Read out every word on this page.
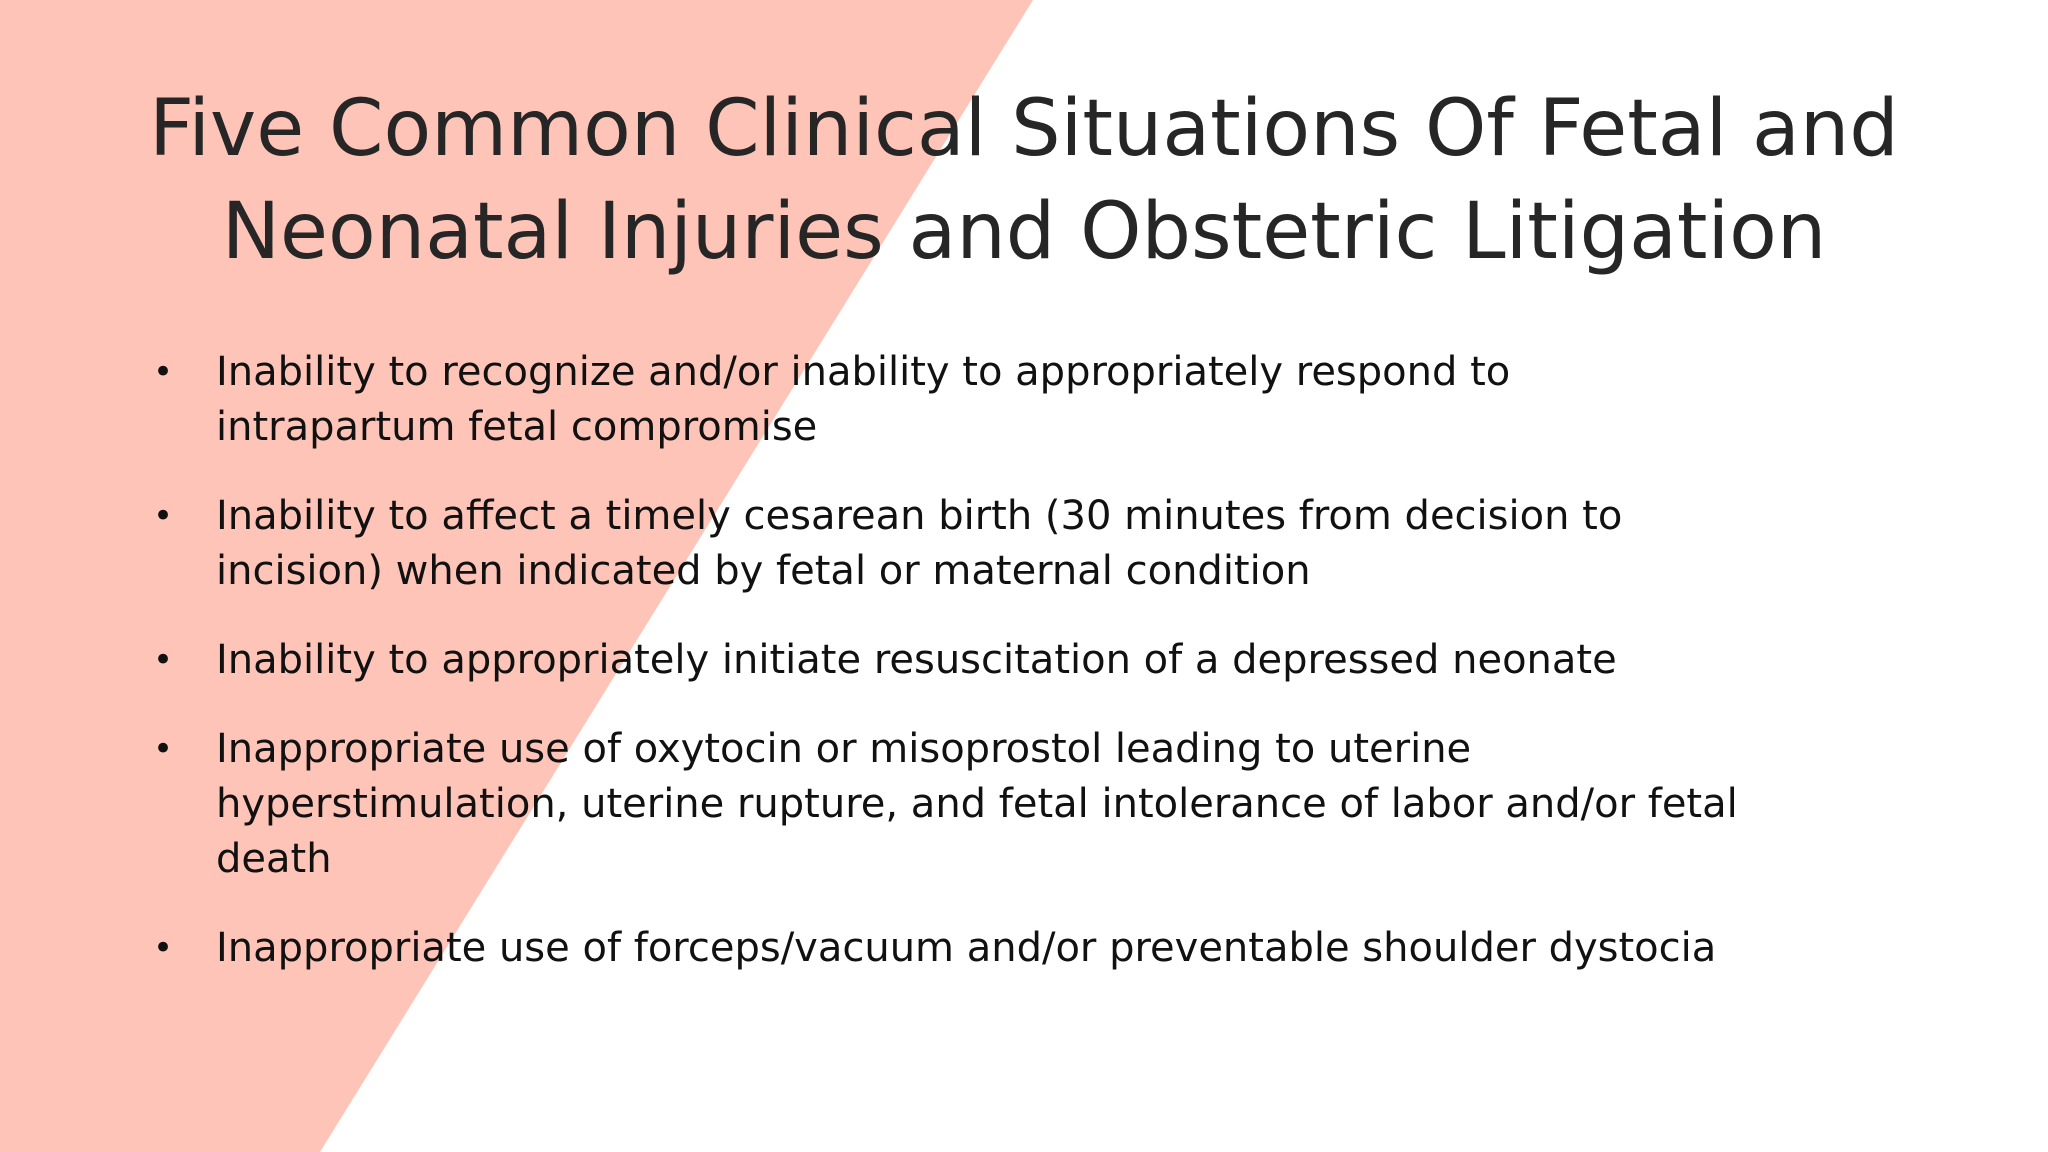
Five Common Clinical Situations Of Fetal and
Neonatal Injuries and Obstetric Litigation
• Inability to recognize and/or inability to appropriately respond to
intrapartum fetal compromise
• Inability to affect a timely cesarean birth (30 minutes from decision to
incision) when indicated by fetal or maternal condition
• Inability to appropriately initiate resuscitation of a depressed neonate
• Inappropriate use of oxytocin or misoprostol leading to uterine
hyperstimulation, uterine rupture, and fetal intolerance of labor and/or fetal
death
• Inappropriate use of forceps/vacuum and/or preventable shoulder dystocia
